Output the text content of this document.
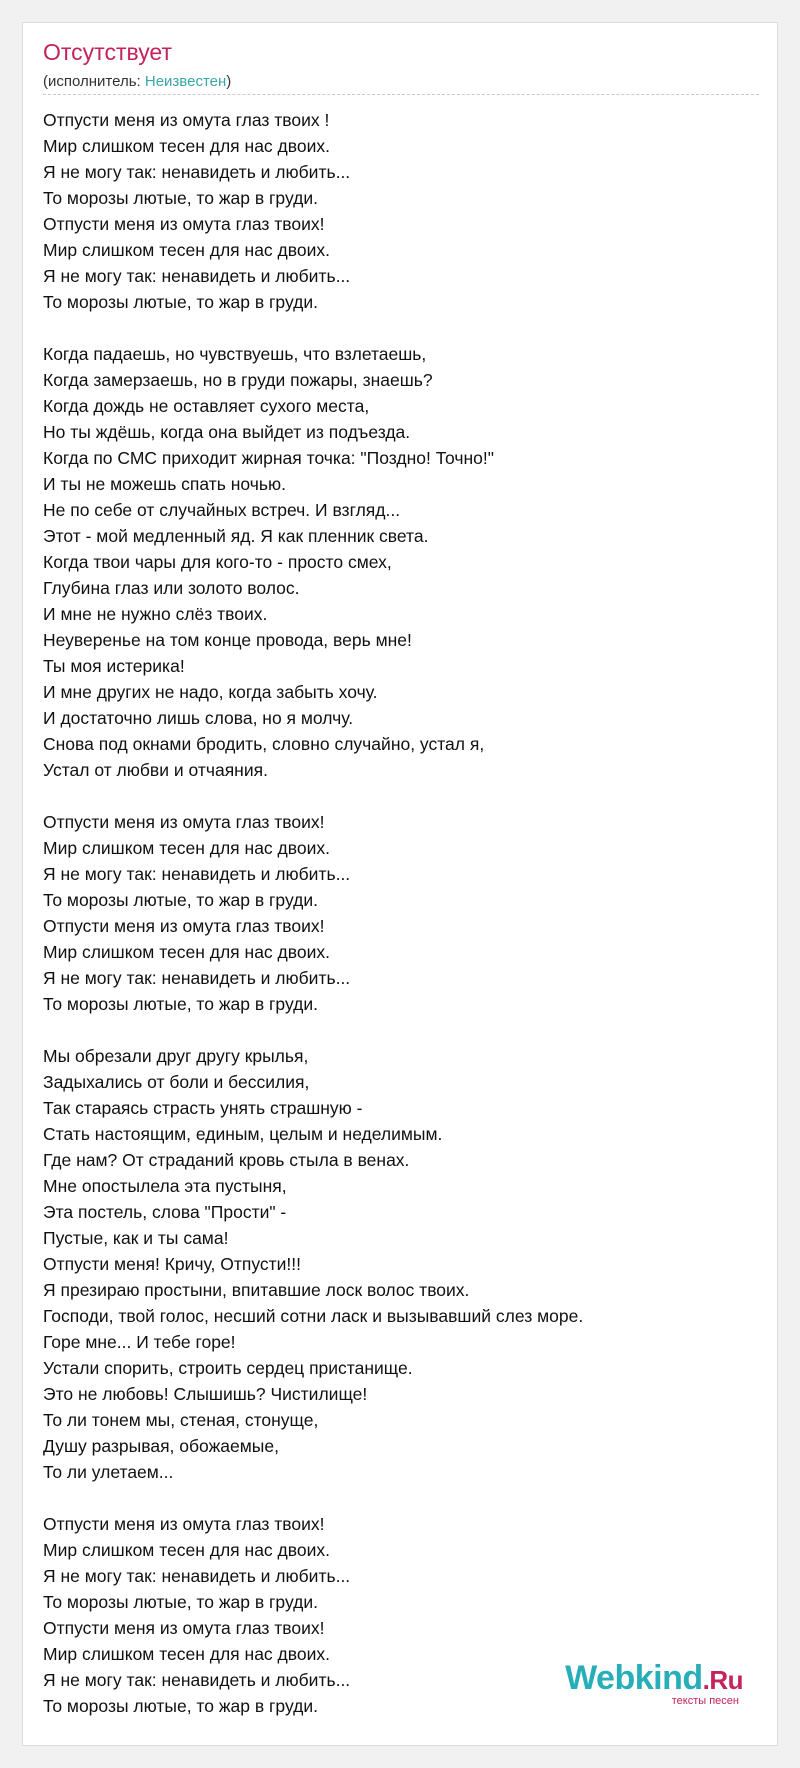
Отсутствует
(исполнитель: Неизвестен)
Отпусти меня из омута глаз твоих !
Мир слишком тесен для нас двоих.
Я не могу так: ненавидеть и любить...
То морозы лютые, то жар в груди.
Отпусти меня из омута глаз твоих!
Мир слишком тесен для нас двоих.
Я не могу так: ненавидеть и любить...
То морозы лютые, то жар в груди.
Когда падаешь, но чувствуешь, что взлетаешь,
Когда замерзаешь, но в груди пожары, знаешь?
Когда дождь не оставляет сухого места,
Но ты ждёшь, когда она выйдет из подъезда.
Когда по СМС приходит жирная точка: "Поздно! Точно!"
И ты не можешь спать ночью.
Не по себе от случайных встреч. И взгляд...
Этот - мой медленный яд. Я как пленник света.
Когда твои чары для кого-то - просто смех,
Глубина глаз или золото волос.
И мне не нужно слёз твоих.
Неувереньe на том конце провода, верь мне!
Ты моя истерика!
И мне других не надо, когда забыть хочу.
И достаточно лишь слова, но я молчу.
Снова под окнами бродить, словно случайно, устал я,
Устал от любви и отчаяния.
Отпусти меня из омута глаз твоих!
Мир слишком тесен для нас двоих.
Я не могу так: ненавидеть и любить...
То морозы лютые, то жар в груди.
Отпусти меня из омута глаз твоих!
Мир слишком тесен для нас двоих.
Я не могу так: ненавидеть и любить...
То морозы лютые, то жар в груди.
Мы обрезали друг другу крылья,
Задыхались от боли и бессилия,
Так стараясь страсть унять страшную -
Стать настоящим, единым, целым и неделимым.
Где нам? От страданий кровь стыла в венах.
Мне опостылела эта пустыня,
Эта постель, слова "Прости" -
Пустые, как и ты сама!
Отпусти меня! Кричу, Отпусти!!!
Я презираю простыни, впитавшие лоск волос твоих.
Господи, твой голос, несший сотни ласк и вызывавший слез море.
Горе мне... И тебе горе!
Устали спорить, строить сердец пристанище.
Это не любовь! Слышишь? Чистилище!
То ли тонем мы, стеная, стонуще,
Душу разрывая, обожаемые,
То ли улетаем...
Отпусти меня из омута глаз твоих!
Мир слишком тесен для нас двоих.
Я не могу так: ненавидеть и любить...
То морозы лютые, то жар в груди.
Отпусти меня из омута глаз твоих!
Мир слишком тесен для нас двоих.
Я не могу так: ненавидеть и любить...
То морозы лютые, то жар в груди.
Webkind.Ru
тексты песен
